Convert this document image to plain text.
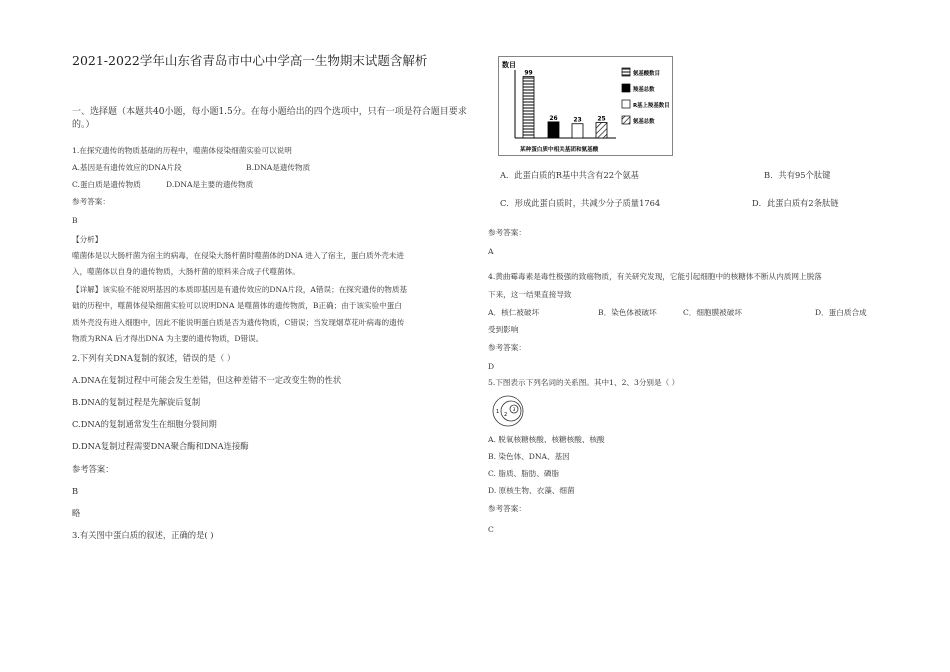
2021-2022学年山东省青岛市中心中学高一生物期末试题含解析
一、选择题（本题共40小题，每小题1.5分。在每小题给出的四个选项中，只有一项是符合题目要求的。）
1.在探究遗传的物质基础的历程中，噬菌体侵染细菌实验可以说明
A.基因是有遗传效应的DNA片段	B.DNA是遗传物质
C.蛋白质是遗传物质	D.DNA是主要的遗传物质
参考答案：
B
【分析】
噬菌体是以大肠杆菌为宿主的病毒，在侵染大肠杆菌时噬菌体的DNA 进入了宿主，蛋白质外壳未进
入，噬菌体以自身的遗传物质，大肠杆菌的原料来合成子代噬菌体。
【详解】该实验不能说明基因的本质即基因是有遗传效应的DNA片段，A错误；在探究遗传的物质基
础的历程中，噬菌体侵染细菌实验可以说明DNA 是噬菌体的遗传物质，B正确；由于该实验中蛋白
质外壳没有进入细胞中，因此不能说明蛋白质是否为遗传物质，C错误；当发现烟草花叶病毒的遗传
物质为RNA 后才得出DNA 为主要的遗传物质，D错误。
2.下列有关DNA复制的叙述，错误的是（ ）
A.DNA在复制过程中可能会发生差错，但这种差错不一定改变生物的性状
B.DNA的复制过程是先解旋后复制
C.DNA的复制通常发生在细胞分裂间期
D.DNA复制过程需要DNA聚合酶和DNA连接酶
参考答案：
B
略
3.有关图中蛋白质的叙述，正确的是( )
数目
99
26	23	25
某种蛋白质中相关基团和氨基酸
氨基酸数目
羧基总数
R基上羧基数目
氨基总数
A．此蛋白质的R基中共含有22个氨基	B．共有95个肽键
C．形成此蛋白质时，共减少分子质量1764	D．此蛋白质有2条肽链
参考答案：
A
4.黄曲霉毒素是毒性极强的致癌物质，有关研究发现，它能引起细胞中的核糖体不断从内质网上脱落
下来，这一结果直接导致
A．核仁被破坏	B．染色体被破坏	C．细胞膜被破坏	D．蛋白质合成
受到影响
参考答案：
D
5.下图表示下列名词的关系图。其中1、2、3分别是（ ）
1 2
3
A. 脱氧核糖核酸、核糖核酸、核酸
B. 染色体、DNA、基因
C. 脂质、脂肪、磷脂
D. 原核生物、衣藻、细菌
参考答案：
C
